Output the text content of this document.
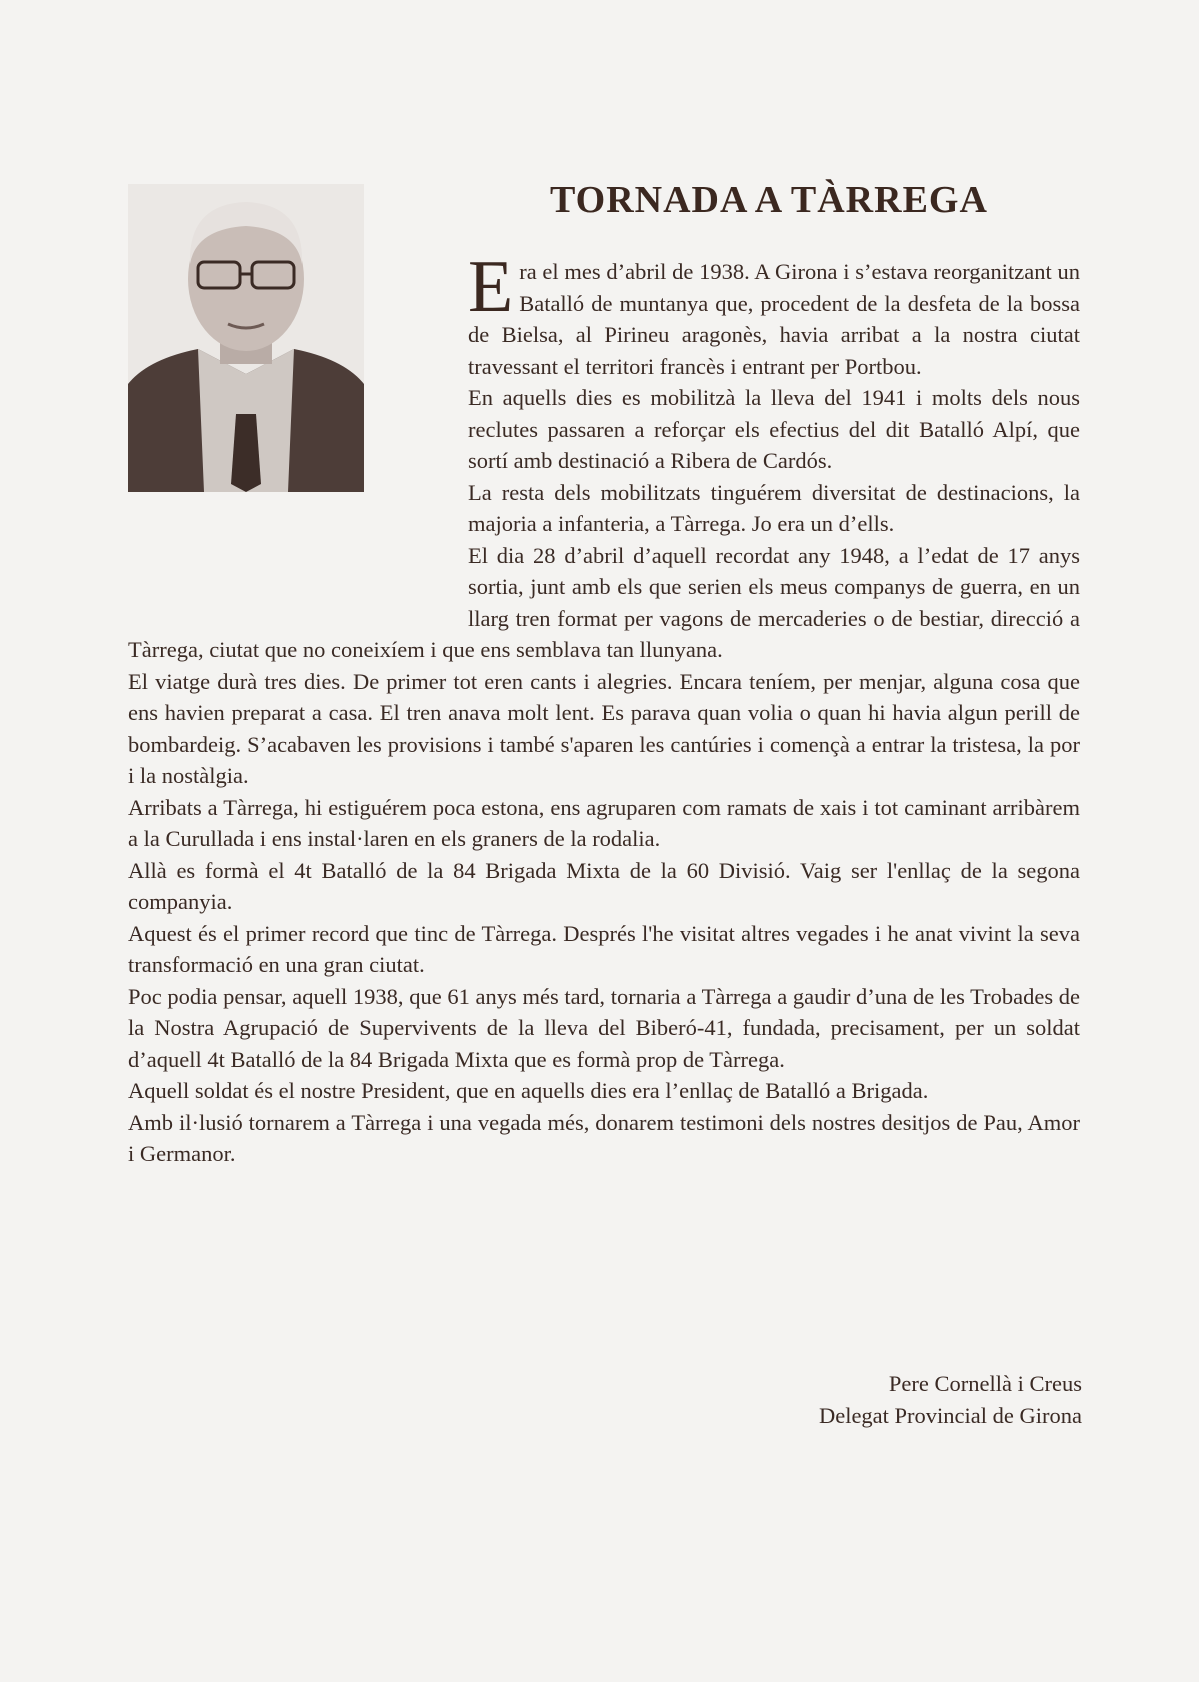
TORNADA A TÀRREGA

Era el mes d’abril de 1938. A Girona i s’estava reorganitzant un Batalló de muntanya que, procedent de la desfeta de la bossa de Bielsa, al Pirineu aragonès, havia arribat a la nostra ciutat travessant el territori francès i entrant per Portbou.

En aquells dies es mobilitzà la lleva del 1941 i molts dels nous reclutes passaren a reforçar els efectius del dit Batalló Alpí, que sortí amb destinació a Ribera de Cardós.

La resta dels mobilitzats tinguérem diversitat de destinacions, la majoria a infanteria, a Tàrrega. Jo era un d’ells.

El dia 28 d’abril d’aquell recordat any 1948, a l’edat de 17 anys sortia, junt amb els que serien els meus companys de guerra, en un llarg tren format per vagons de mercaderies o de bestiar, direcció a Tàrrega, ciutat que no coneixíem i que ens semblava tan llunyana.

El viatge durà tres dies. De primer tot eren cants i alegries. Encara teníem, per menjar, alguna cosa que ens havien preparat a casa. El tren anava molt lent. Es parava quan volia o quan hi havia algun perill de bombardeig. S’acabaven les provisions i també s'aparen les cantúries i començà a entrar la tristesa, la por i la nostàlgia.

Arribats a Tàrrega, hi estiguérem poca estona, ens agruparen com ramats de xais i tot caminant arribàrem a la Curullada i ens instal·laren en els graners de la rodalia.

Allà es formà el 4t Batalló de la 84 Brigada Mixta de la 60 Divisió. Vaig ser l'enllaç de la segona companyia.

Aquest és el primer record que tinc de Tàrrega. Després l'he visitat altres vegades i he anat vivint la seva transformació en una gran ciutat.

Poc podia pensar, aquell 1938, que 61 anys més tard, tornaria a Tàrrega a gaudir d’una de les Trobades de la Nostra Agrupació de Supervivents de la lleva del Biberó-41, fundada, precisament, per un soldat d’aquell 4t Batalló de la 84 Brigada Mixta que es formà prop de Tàrrega.

Aquell soldat és el nostre President, que en aquells dies era l’enllaç de Batalló a Brigada.

Amb il·lusió tornarem a Tàrrega i una vegada més, donarem testimoni dels nostres desitjos de Pau, Amor i Germanor.

Pere Cornellà i Creus
Delegat Provincial de Girona
